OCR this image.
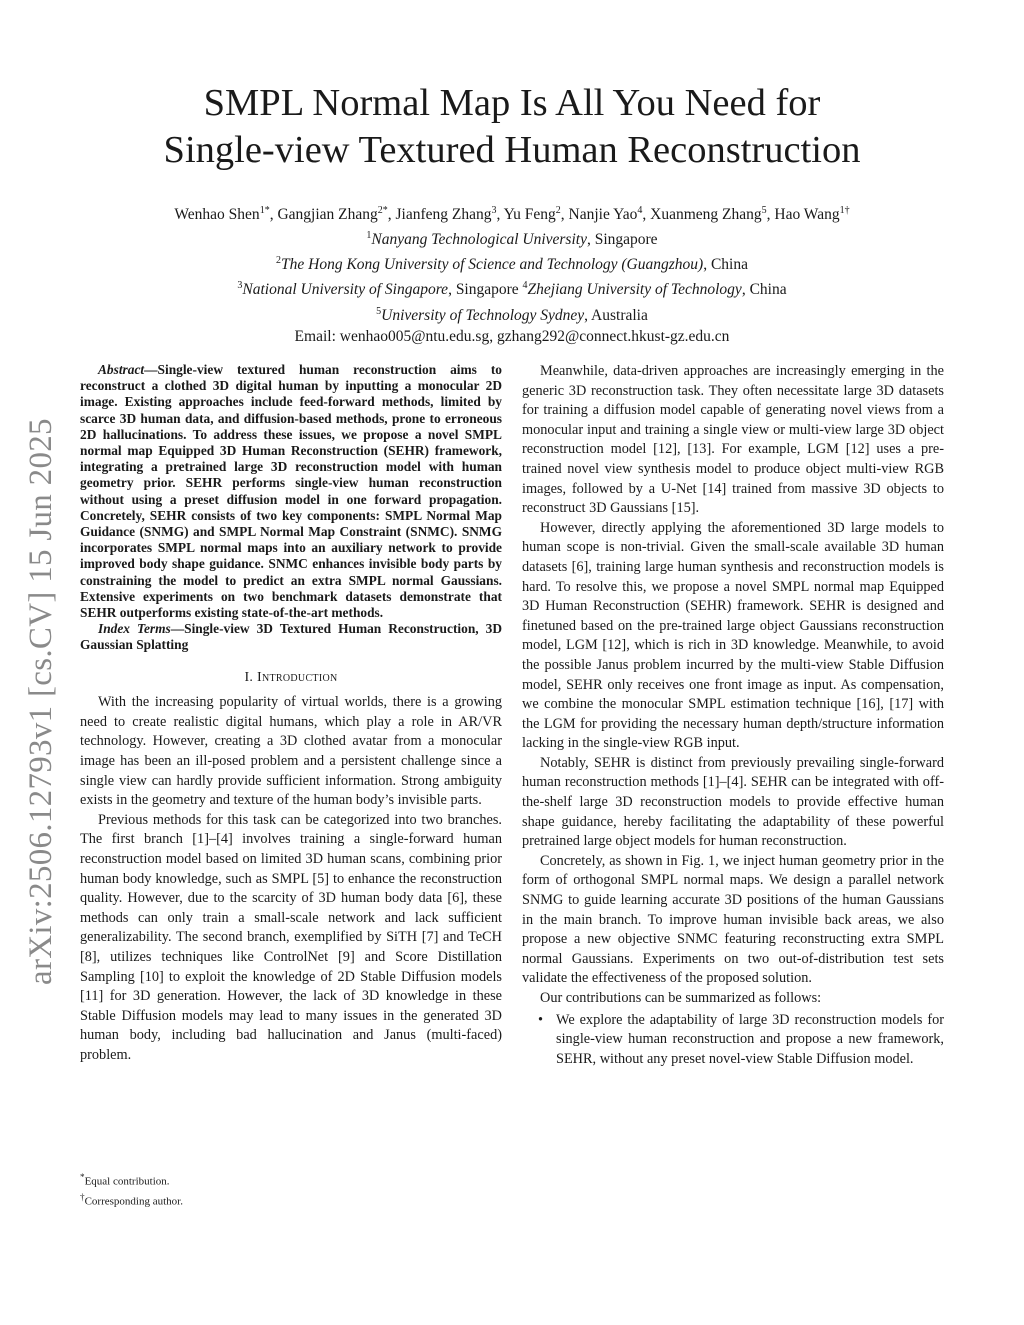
arXiv:2506.12793v1 [cs.CV] 15 Jun 2025
SMPL Normal Map Is All You Need for
Single-view Textured Human Reconstruction
Wenhao Shen$^{1*}$, Gangjian Zhang$^{2*}$, Jianfeng Zhang$^3$, Yu Feng$^2$, Nanjie Yao$^4$, Xuanmeng Zhang$^5$, Hao Wang$^{1\dagger}$
$^1$Nanyang Technological University, Singapore
$^2$The Hong Kong University of Science and Technology (Guangzhou), China
$^3$National University of Singapore, Singapore $^4$Zhejiang University of Technology, China
$^5$University of Technology Sydney, Australia
Email: wenhao005@ntu.edu.sg, gzhang292@connect.hkust-gz.edu.cn

Abstract—Single-view textured human reconstruction aims to reconstruct a clothed 3D digital human by inputting a monocular 2D image. Existing approaches include feed-forward methods, limited by scarce 3D human data, and diffusion-based methods, prone to erroneous 2D hallucinations. To address these issues, we propose a novel SMPL normal map Equipped 3D Human Reconstruction (SEHR) framework, integrating a pretrained large 3D reconstruction model with human geometry prior. SEHR performs single-view human reconstruction without using a preset diffusion model in one forward propagation. Concretely, SEHR consists of two key components: SMPL Normal Map Guidance (SNMG) and SMPL Normal Map Constraint (SNMC). SNMG incorporates SMPL normal maps into an auxiliary network to provide improved body shape guidance. SNMC enhances invisible body parts by constraining the model to predict an extra SMPL normal Gaussians. Extensive experiments on two benchmark datasets demonstrate that SEHR outperforms existing state-of-the-art methods.

Index Terms—Single-view 3D Textured Human Reconstruction, 3D Gaussian Splatting

I. Introduction

With the increasing popularity of virtual worlds, there is a growing need to create realistic digital humans, which play a role in AR/VR technology. However, creating a 3D clothed avatar from a monocular image has been an ill-posed problem and a persistent challenge since a single view can hardly provide sufficient information. Strong ambiguity exists in the geometry and texture of the human body’s invisible parts.

Previous methods for this task can be categorized into two branches. The first branch [1]–[4] involves training a single-forward human reconstruction model based on limited 3D human scans, combining prior human body knowledge, such as SMPL [5] to enhance the reconstruction quality. However, due to the scarcity of 3D human body data [6], these methods can only train a small-scale network and lack sufficient generalizability. The second branch, exemplified by SiTH [7] and TeCH [8], utilizes techniques like ControlNet [9] and Score Distillation Sampling [10] to exploit the knowledge of 2D Stable Diffusion models [11] for 3D generation. However, the lack of 3D knowledge in these Stable Diffusion models may lead to many issues in the generated 3D human body, including bad hallucination and Janus (multi-faced) problem.

*Equal contribution.
†Corresponding author.

Meanwhile, data-driven approaches are increasingly emerging in the generic 3D reconstruction task. They often necessitate large 3D datasets for training a diffusion model capable of generating novel views from a monocular input and training a single view or multi-view large 3D object reconstruction model [12], [13]. For example, LGM [12] uses a pre-trained novel view synthesis model to produce object multi-view RGB images, followed by a U-Net [14] trained from massive 3D objects to reconstruct 3D Gaussians [15].

However, directly applying the aforementioned 3D large models to human scope is non-trivial. Given the small-scale available 3D human datasets [6], training large human synthesis and reconstruction models is hard. To resolve this, we propose a novel SMPL normal map Equipped 3D Human Reconstruction (SEHR) framework. SEHR is designed and finetuned based on the pre-trained large object Gaussians reconstruction model, LGM [12], which is rich in 3D knowledge. Meanwhile, to avoid the possible Janus problem incurred by the multi-view Stable Diffusion model, SEHR only receives one front image as input. As compensation, we combine the monocular SMPL estimation technique [16], [17] with the LGM for providing the necessary human depth/structure information lacking in the single-view RGB input.

Notably, SEHR is distinct from previously prevailing single-forward human reconstruction methods [1]–[4]. SEHR can be integrated with off-the-shelf large 3D reconstruction models to provide effective human shape guidance, hereby facilitating the adaptability of these powerful pretrained large object models for human reconstruction.

Concretely, as shown in Fig. 1, we inject human geometry prior in the form of orthogonal SMPL normal maps. We design a parallel network SNMG to guide learning accurate 3D positions of the human Gaussians in the main branch. To improve human invisible back areas, we also propose a new objective SNMC featuring reconstructing extra SMPL normal Gaussians. Experiments on two out-of-distribution test sets validate the effectiveness of the proposed solution.

Our contributions can be summarized as follows:

• We explore the adaptability of large 3D reconstruction models for single-view human reconstruction and propose a new framework, SEHR, without any preset novel-view Stable Diffusion model.
